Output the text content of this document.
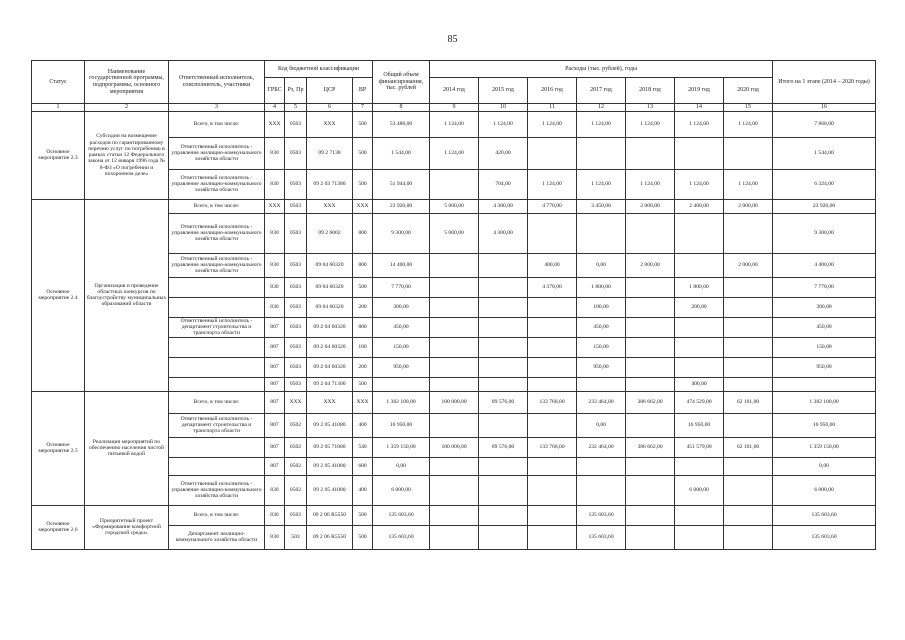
85
Статус	Наименование государственной программы, подпрограммы, основного мероприятия	Ответственный исполнитель, соисполнитель, участники	Код бюджетной классификации				Общий объем финансирования, тыс. рублей	Расходы (тыс. рублей), годы							Итого на 1 этапе (2014 – 2020 годы)
			ГРБС	Рз, Пр	ЦСР	ВР		2014 год	2015 год	2016 год	2017 год	2018 год	2019 год	2020 год	
1	2	3	4	5	6	7	8	9	10	11	12	13	14	15	16
Основное мероприятие 2.3	Субсидии на возмещение расходов по гарантированному перечню услуг по погребению в рамках статьи 12 Федерального закона от 12 января 1996 года № 8-ФЗ «О погребении и похоронном деле»	Всего, в том числе:	XXX	0503	XXX	500	53 488,00	1 124,00	1 124,00	1 124,00	1 124,00	1 124,00	1 124,00	1 124,00	7 868,00
		Ответственный исполнитель - управление жилищно-коммунального хозяйства области	830	0503	09 2 7138	500	1 544,00	1 124,00	420,00						1 544,00
		Ответственный исполнитель - управление жилищно-коммунального хозяйства области	830	0503	09 2 03 71380	500	51 944,00		704,00	1 124,00	1 124,00	1 124,00	1 124,00	1 124,00	6 324,00
Основное мероприятие 2.4	Организация и проведение областных конкурсов по благоустройству муниципальных образований области	Всего, в том числе:	XXX	0503	XXX	XXX	23 920,00	5 000,00	4 300,00	4 770,00	3 450,00	2 000,00	2 400,00	2 000,00	23 920,00
		Ответственный исполнитель - управление жилищно-коммунального хозяйства области	830	0503	09 2 6002	800	9 300,00	5 000,00	4 300,00						9 300,00
		Ответственный исполнитель - управление жилищно-коммунального хозяйства области	830	0503	09 04 60320	800	14 400,00			400,00	0,00	2 000,00		2 000,00	4 400,00
			830	0503	09 04 60320	500	7 770,00			4 370,00	1 800,00		1 800,00		7 770,00
			830	0503	09 04 60320	200	300,00				100,00		200,00		300,00
		Ответственный исполнитель - департамент строительства и транспорта области	807	0503	09 2 04 60320	800	450,00				450,00				450,00
			807	0503	09 2 04 60320	100	150,00				150,00				150,00
			807	0503	09 2 04 60320	200	950,00				950,00				950,00
			807	0503	09 2 04 71300	500							400,00		
Основное мероприятие 2.5	Реализация мероприятий по обеспечению населения чистой питьевой водой	Всего, в том числе:	807	XXX	XXX	XXX	1 382 100,00	100 000,00	89 576,00	133 768,00	233 464,00	386 662,00	474 529,00	62 101,00	1 382 100,00
		Ответственный исполнитель - департамент строительства и транспорта области	807	0502	09 2 05 41080	400	16 950,00				0,00		16 950,00		16 950,00
			807	0502	09 2 05 71080	540	1 359 150,00	100 000,00	89 576,00	133 768,00	232 464,00	386 662,00	451 579,00	62 101,00	1 359 150,00
			807	0502	09 2 05 41080	600	0,00								0,00
		Ответственный исполнитель - управление жилищно-коммунального хозяйства области	830	0502	09 2 05 41080	400	6 000,00						6 000,00		6 000,00
Основное мероприятие 2.6	Приоритетный проект «Формирование комфортной городской среды»	Всего, в том числе:	830	0503	09 2 06 R5550	500	135 603,60				135 603,60				135 603,60
		Департамент жилищно-коммунального хозяйства области	830	503	09 2 06 R5550	500	135 603,60				135 603,60				135 603,60
